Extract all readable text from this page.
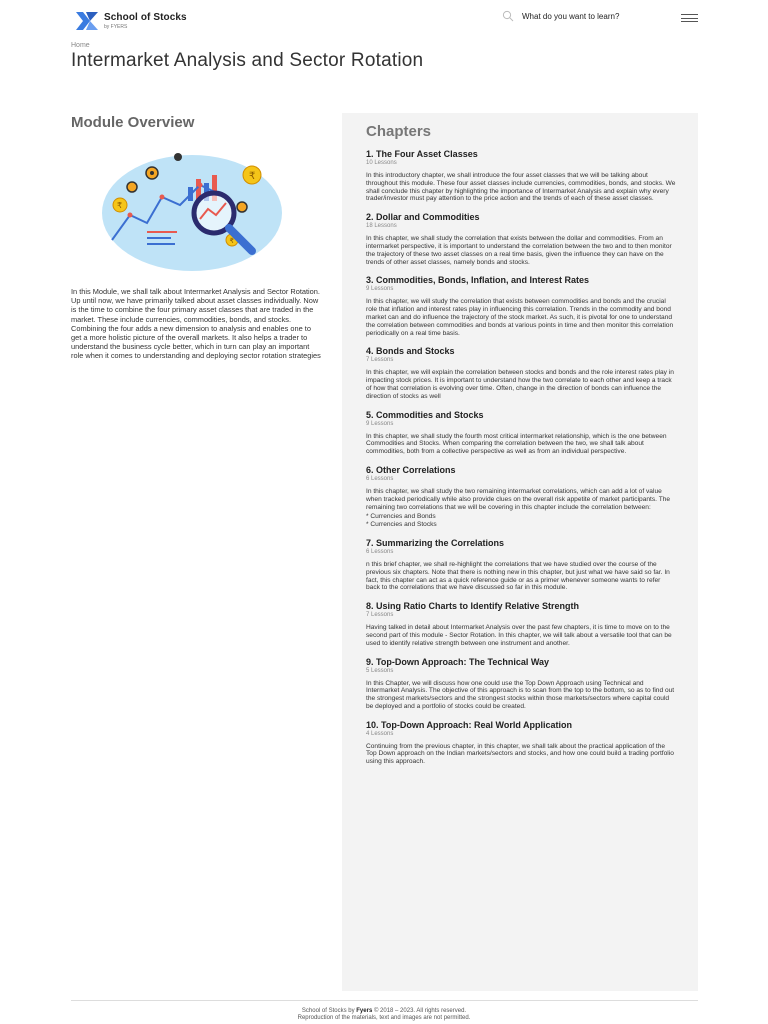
School of Stocks
by FYERS
What do you want to learn?
Home
Intermarket Analysis and Sector Rotation
Module Overview
₹
₹
₹

In this Module, we shall talk about Intermarket Analysis and Sector Rotation. Up until now, we have primarily talked about asset classes individually. Now is the time to combine the four primary asset classes that are traded in the market. These include currencies, commodities, bonds, and stocks. Combining the four adds a new dimension to analysis and enables one to get a more holistic picture of the overall markets. It also helps a trader to understand the business cycle better, which in turn can play an important role when it comes to understanding and deploying sector rotation strategies

Chapters
1. The Four Asset Classes
10 Lessons

In this introductory chapter, we shall introduce the four asset classes that we will be talking about throughout this module. These four asset classes include currencies, commodities, bonds, and stocks. We shall conclude this chapter by highlighting the importance of Intermarket Analysis and explain why every trader/investor must pay attention to the price action and the trends of each of these asset classes.

2. Dollar and Commodities
18 Lessons

In this chapter, we shall study the correlation that exists between the dollar and commodities. From an intermarket perspective, it is important to understand the correlation between the two and to then monitor the trajectory of these two asset classes on a real time basis, given the influence they can have on the trends of other asset classes, namely bonds and stocks.

3. Commodities, Bonds, Inflation, and Interest Rates
9 Lessons

In this chapter, we will study the correlation that exists between commodities and bonds and the crucial role that inflation and interest rates play in influencing this correlation. Trends in the commodity and bond market can and do influence the trajectory of the stock market. As such, it is pivotal for one to understand the correlation between commodities and bonds at various points in time and then monitor this correlation periodically on a real time basis.

4. Bonds and Stocks
7 Lessons

In this chapter, we will explain the correlation between stocks and bonds and the role interest rates play in impacting stock prices. It is important to understand how the two correlate to each other and keep a track of how that correlation is evolving over time. Often, change in the direction of bonds can influence the direction of stocks as well

5. Commodities and Stocks
9 Lessons

In this chapter, we shall study the fourth most critical intermarket relationship, which is the one between Commodities and Stocks. When comparing the correlation between the two, we shall talk about commodities, both from a collective perspective as well as from an individual perspective.

6. Other Correlations
6 Lessons

In this chapter, we shall study the two remaining intermarket correlations, which can add a lot of value when tracked periodically while also provide clues on the overall risk appetite of market participants. The remaining two correlations that we will be covering in this chapter include the correlation between:

* Currencies and Bonds
* Currencies and Stocks
7. Summarizing the Correlations
6 Lessons

n this brief chapter, we shall re-highlight the correlations that we have studied over the course of the previous six chapters. Note that there is nothing new in this chapter, but just what we have said so far. In fact, this chapter can act as a quick reference guide or as a primer whenever someone wants to refer back to the correlations that we have discussed so far in this module.

8. Using Ratio Charts to Identify Relative Strength
7 Lessons

Having talked in detail about Intermarket Analysis over the past few chapters, it is time to move on to the second part of this module - Sector Rotation. In this chapter, we will talk about a versatile tool that can be used to identify relative strength between one instrument and another.

9. Top-Down Approach: The Technical Way
5 Lessons

In this Chapter, we will discuss how one could use the Top Down Approach using Technical and Intermarket Analysis. The objective of this approach is to scan from the top to the bottom, so as to find out the strongest markets/sectors and the strongest stocks within those markets/sectors where capital could be deployed and a portfolio of stocks could be created.

10. Top-Down Approach: Real World Application
4 Lessons

Continuing from the previous chapter, in this chapter, we shall talk about the practical application of the Top Down approach on the Indian markets/sectors and stocks, and how one could build a trading portfolio using this approach.

School of Stocks by Fyers © 2018 – 2023. All rights reserved.
Reproduction of the materials, text and images are not permitted.
